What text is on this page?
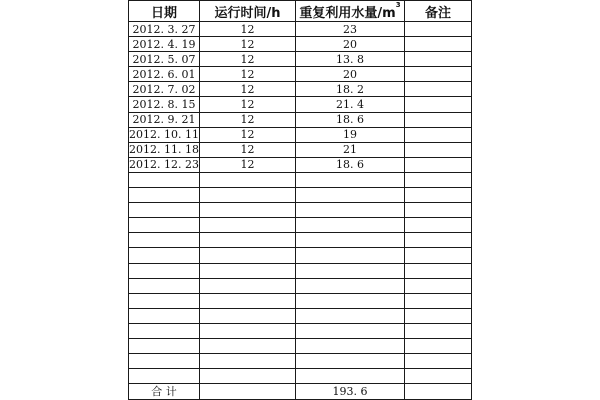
日期	运行时间/h	重复利用水量$/m^3$	备注
2012. 3. 27	12	23	
2012. 4. 19	12	20	
2012. 5. 07	12	13. 8	
2012. 6. 01	12	20	
2012. 7. 02	12	18. 2	
2012. 8. 15	12	21. 4	
2012. 9. 21	12	18. 6	
2012. 10. 11	12	19	
2012. 11. 18	12	21	
2012. 12. 23	12	18. 6	

合 计		193. 6	
